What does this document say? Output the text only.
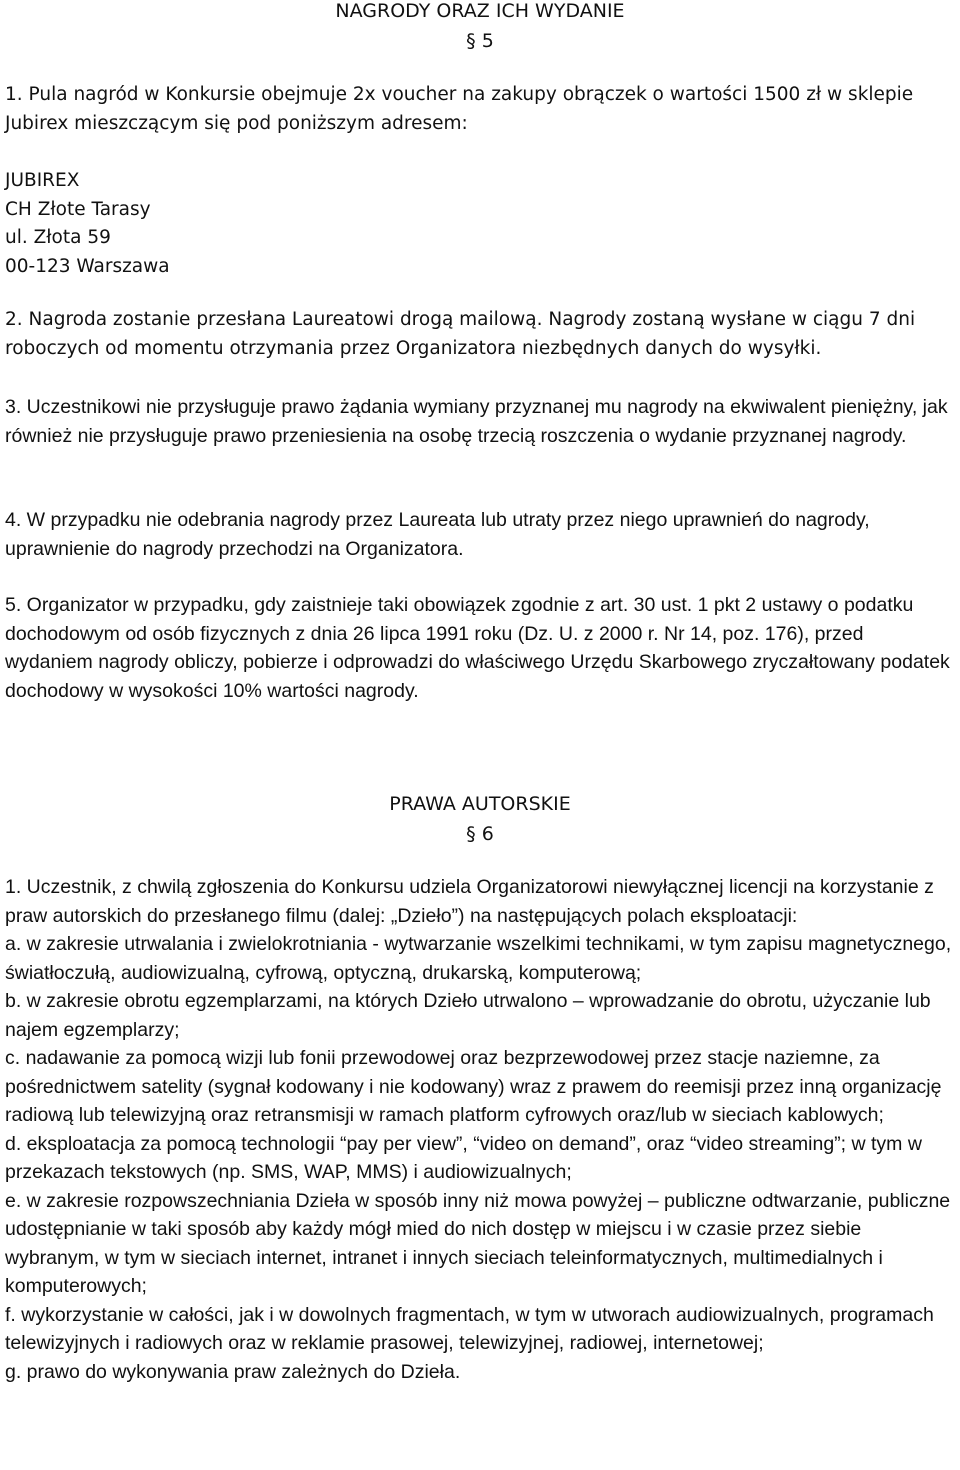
NAGRODY ORAZ ICH WYDANIE

§ 5

1. Pula nagród w Konkursie obejmuje 2x voucher na zakupy obrączek o wartości 1500 zł w sklepie Jubirex mieszczącym się pod poniższym adresem:

JUBIREX
CH Złote Tarasy
ul. Złota 59
00-123 Warszawa

2. Nagroda zostanie przesłana Laureatowi drogą mailową. Nagrody zostaną wysłane w ciągu 7 dni roboczych od momentu otrzymania przez Organizatora niezbędnych danych do wysyłki.

3. Uczestnikowi nie przysługuje prawo żądania wymiany przyznanej mu nagrody na ekwiwalent pieniężny, jak również nie przysługuje prawo przeniesienia na osobę trzecią roszczenia o wydanie przyznanej nagrody.

4. W przypadku nie odebrania nagrody przez Laureata lub utraty przez niego uprawnień do nagrody, uprawnienie do nagrody przechodzi na Organizatora.

5. Organizator w przypadku, gdy zaistnieje taki obowiązek zgodnie z art. 30 ust. 1 pkt 2 ustawy o podatku dochodowym od osób fizycznych z dnia 26 lipca 1991 roku (Dz. U. z 2000 r. Nr 14, poz. 176), przed wydaniem nagrody obliczy, pobierze i odprowadzi do właściwego Urzędu Skarbowego zryczałtowany podatek dochodowy w wysokości 10% wartości nagrody.

PRAWA AUTORSKIE

§ 6

1. Uczestnik, z chwilą zgłoszenia do Konkursu udziela Organizatorowi niewyłącznej licencji na korzystanie z praw autorskich do przesłanego filmu (dalej: „Dzieło”) na następujących polach eksploatacji:

a. w zakresie utrwalania i zwielokrotniania - wytwarzanie wszelkimi technikami, w tym zapisu magnetycznego, światłoczułą, audiowizualną, cyfrową, optyczną, drukarską, komputerową;

b. w zakresie obrotu egzemplarzami, na których Dzieło utrwalono – wprowadzanie do obrotu, użyczanie lub najem egzemplarzy;

c. nadawanie za pomocą wizji lub fonii przewodowej oraz bezprzewodowej przez stacje naziemne, za pośrednictwem satelity (sygnał kodowany i nie kodowany) wraz z prawem do reemisji przez inną organizację radiową lub telewizyjną oraz retransmisji w ramach platform cyfrowych oraz/lub w sieciach kablowych;

d. eksploatacja za pomocą technologii “pay per view”, “video on demand”, oraz “video streaming”; w tym w przekazach tekstowych (np. SMS, WAP, MMS) i audiowizualnych;

e. w zakresie rozpowszechniania Dzieła w sposób inny niż mowa powyżej – publiczne odtwarzanie, publiczne udostępnianie w taki sposób aby każdy mógł mied do nich dostęp w miejscu i w czasie przez siebie wybranym, w tym w sieciach internet, intranet i innych sieciach teleinformatycznych, multimedialnych i komputerowych;

f. wykorzystanie w całości, jak i w dowolnych fragmentach, w tym w utworach audiowizualnych, programach telewizyjnych i radiowych oraz w reklamie prasowej, telewizyjnej, radiowej, internetowej;

g. prawo do wykonywania praw zależnych do Dzieła.
